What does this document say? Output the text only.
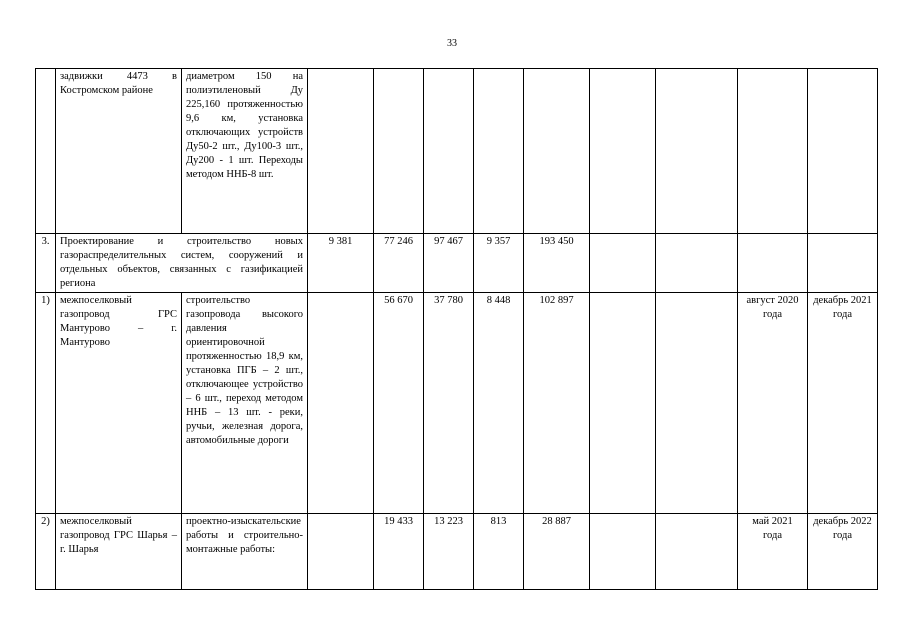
33
	задвижки 4473 в Костромском районе	диаметром 150 на полиэтиленовый Ду 225,160 протяженностью 9,6 км, установка отключающих устройств Ду50-2 шт., Ду100-3 шт., Ду200 - 1 шт. Переходы методом ННБ-8 шт.									
3.	Проектирование и строительство новых газораспределительных систем, сооружений и отдельных объектов, связанных с газификацией региона		9 381	77 246	97 467	9 357	193 450				
1)	межпоселковый газопровод ГРС Мантурово – г. Мантурово	строительство газопровода высокого давления ориентировочной протяженностью 18,9 км, установка ПГБ – 2 шт., отключающее устройство – 6 шт., переход методом ННБ – 13 шт. - реки, ручьи, железная дорога, автомобильные дороги		56 670	37 780	8 448	102 897			август 2020 года	декабрь 2021 года
2)	межпоселковый газопровод ГРС Шарья – г. Шарья	проектно-изыскательские работы и строительно-монтажные работы:		19 433	13 223	813	28 887			май 2021 года	декабрь 2022 года
